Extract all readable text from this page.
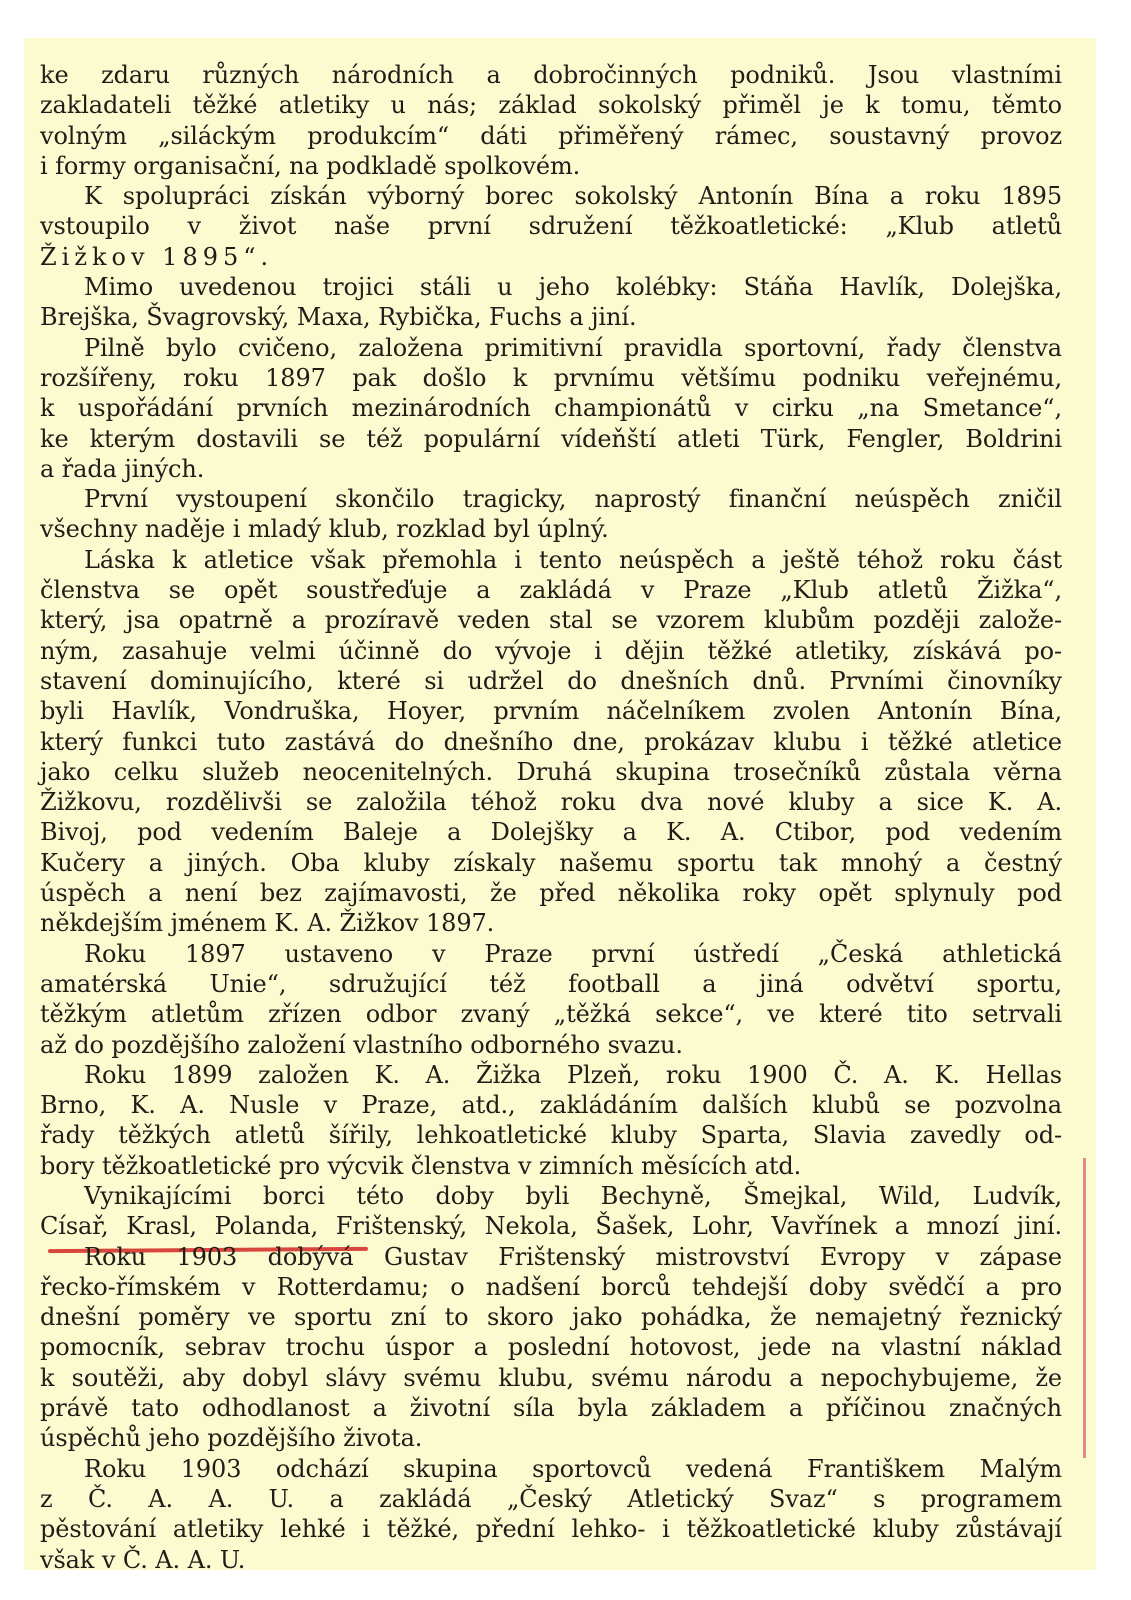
ke zdaru různých národních a dobročinných podniků. Jsou vlastními
zakladateli těžké atletiky u nás; základ sokolský přiměl je k tomu, těmto
volným „siláckým produkcím“ dáti přiměřený rámec, soustavný provoz
i formy organisační, na podkladě spolkovém.
K spolupráci získán výborný borec sokolský Antonín Bína a roku 1895
vstoupilo v život naše první sdružení těžkoatletické: „Klub atletů
Žižkov 1895“.
Mimo uvedenou trojici stáli u jeho kolébky: Stáňa Havlík, Dolejška,
Brejška, Švagrovský, Maxa, Rybička, Fuchs a jiní.
Pilně bylo cvičeno, založena primitivní pravidla sportovní, řady členstva
rozšířeny, roku 1897 pak došlo k prvnímu většímu podniku veřejnému,
k uspořádání prvních mezinárodních championátů v cirku „na Smetance“,
ke kterým dostavili se též populární vídeňští atleti Türk, Fengler, Boldrini
a řada jiných.
První vystoupení skončilo tragicky, naprostý finanční neúspěch zničil
všechny naděje i mladý klub, rozklad byl úplný.
Láska k atletice však přemohla i tento neúspěch a ještě téhož roku část
členstva se opět soustřeďuje a zakládá v Praze „Klub atletů Žižka“,
který, jsa opatrně a prozíravě veden stal se vzorem klubům později založe-
ným, zasahuje velmi účinně do vývoje i dějin těžké atletiky, získává po-
stavení dominujícího, které si udržel do dnešních dnů. Prvními činovníky
byli Havlík, Vondruška, Hoyer, prvním náčelníkem zvolen Antonín Bína,
který funkci tuto zastává do dnešního dne, prokázav klubu i těžké atletice
jako celku služeb neocenitelných. Druhá skupina trosečníků zůstala věrna
Žižkovu, rozdělivši se založila téhož roku dva nové kluby a sice K. A.
Bivoj, pod vedením Baleje a Dolejšky a K. A. Ctibor, pod vedením
Kučery a jiných. Oba kluby získaly našemu sportu tak mnohý a čestný
úspěch a není bez zajímavosti, že před několika roky opět splynuly pod
někdejším jménem K. A. Žižkov 1897.
Roku 1897 ustaveno v Praze první ústředí „Česká athletická
amatérská Unie“, sdružující též football a jiná odvětví sportu,
těžkým atletům zřízen odbor zvaný „těžká sekce“, ve které tito setrvali
až do pozdějšího založení vlastního odborného svazu.
Roku 1899 založen K. A. Žižka Plzeň, roku 1900 Č. A. K. Hellas
Brno, K. A. Nusle v Praze, atd., zakládáním dalších klubů se pozvolna
řady těžkých atletů šířily, lehkoatletické kluby Sparta, Slavia zavedly od-
bory těžkoatletické pro výcvik členstva v zimních měsících atd.
Vynikajícími borci této doby byli Bechyně, Šmejkal, Wild, Ludvík,
Císař, Krasl, Polanda, Frištenský, Nekola, Šašek, Lohr, Vavřínek a mnozí jiní.
Roku 1903 dobývá Gustav Frištenský mistrovství Evropy v zápase
řecko-římském v Rotterdamu; o nadšení borců tehdejší doby svědčí a pro
dnešní poměry ve sportu zní to skoro jako pohádka, že nemajetný řeznický
pomocník, sebrav trochu úspor a poslední hotovost, jede na vlastní náklad
k soutěži, aby dobyl slávy svému klubu, svému národu a nepochybujeme, že
právě tato odhodlanost a životní síla byla základem a příčinou značných
úspěchů jeho pozdějšího života.
Roku 1903 odchází skupina sportovců vedená Františkem Malým
z Č. A. A. U. a zakládá „Český Atletický Svaz“ s programem
pěstování atletiky lehké i těžké, přední lehko- i těžkoatletické kluby zůstávají
však v Č. A. A. U.
